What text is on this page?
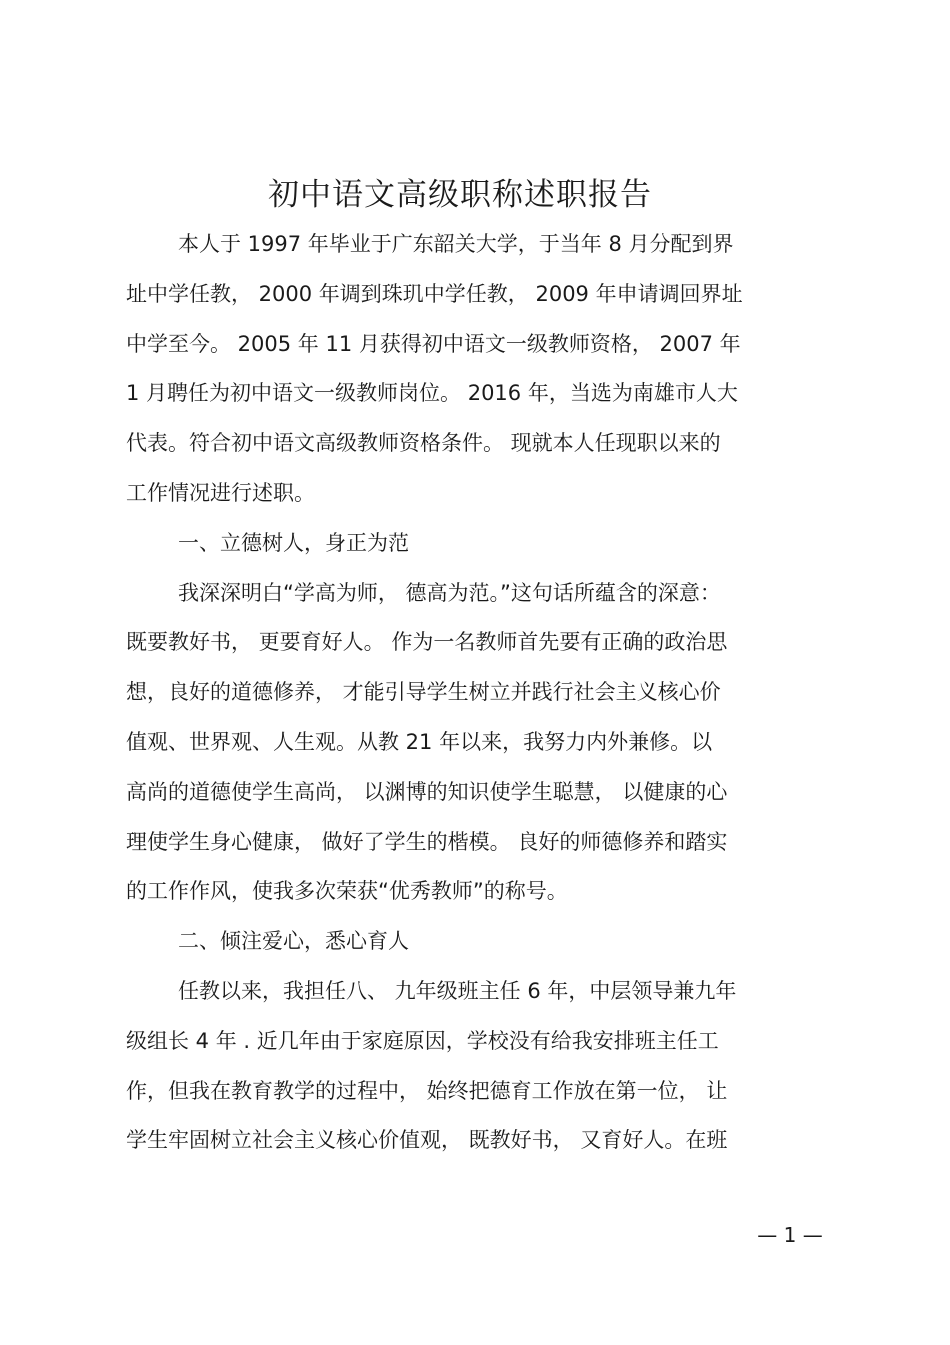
初中语文高级职称述职报告
本人于 1997 年毕业于广东韶关大学，于当年 8 月分配到界
址中学任教， 2000 年调到珠玑中学任教， 2009 年申请调回界址
中学至今。 2005 年 11 月获得初中语文一级教师资格， 2007 年
1 月聘任为初中语文一级教师岗位。 2016 年，当选为南雄市人大
代表。符合初中语文高级教师资格条件。 现就本人任现职以来的
工作情况进行述职。
一、立德树人，身正为范
我深深明白“学高为师， 德高为范。”这句话所蕴含的深意：
既要教好书， 更要育好人。 作为一名教师首先要有正确的政治思
想，良好的道德修养， 才能引导学生树立并践行社会主义核心价
值观、世界观、人生观。从教 21 年以来，我努力内外兼修。以
高尚的道德使学生高尚， 以渊博的知识使学生聪慧， 以健康的心
理使学生身心健康， 做好了学生的楷模。 良好的师德修养和踏实
的工作作风，使我多次荣获“优秀教师”的称号。
二、倾注爱心，悉心育人
任教以来，我担任八、 九年级班主任 6 年，中层领导兼九年
级组长 4 年 . 近几年由于家庭原因，学校没有给我安排班主任工
作，但我在教育教学的过程中， 始终把德育工作放在第一位， 让
学生牢固树立社会主义核心价值观， 既教好书， 又育好人。在班
— 1 —
